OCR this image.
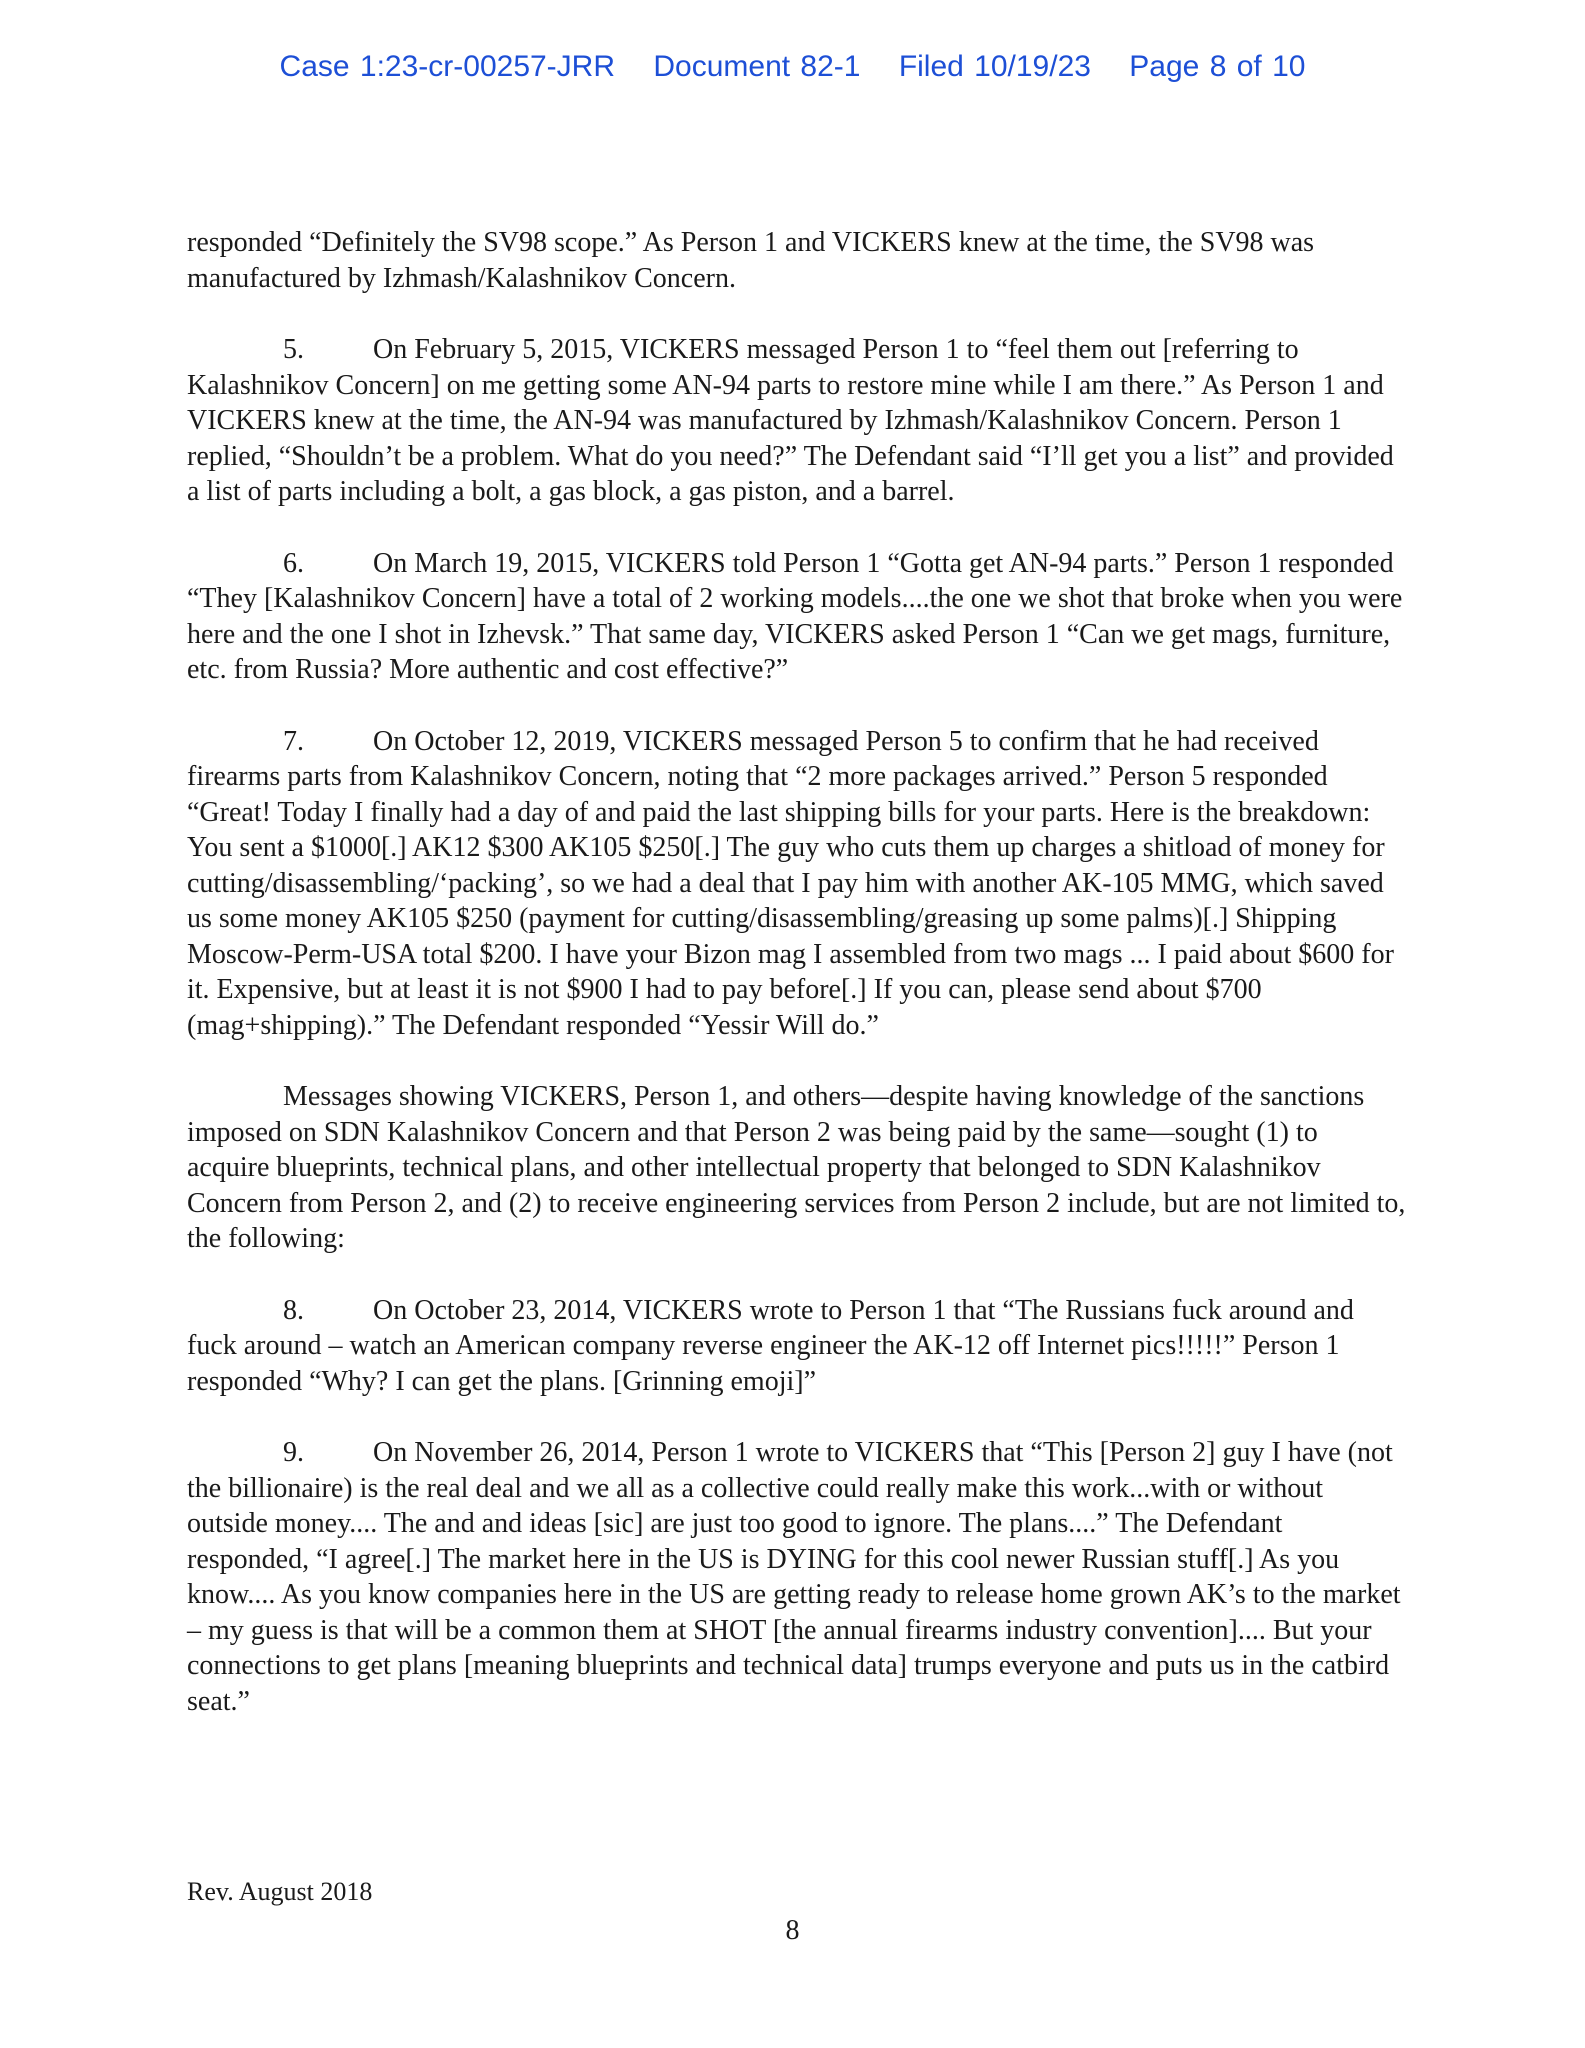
Case 1:23-cr-00257-JRR Document 82-1 Filed 10/19/23 Page 8 of 10

responded “Definitely the SV98 scope.” As Person 1 and VICKERS knew at the time, the SV98 was manufactured by Izhmash/Kalashnikov Concern.

5. On February 5, 2015, VICKERS messaged Person 1 to “feel them out [referring to Kalashnikov Concern] on me getting some AN-94 parts to restore mine while I am there.” As Person 1 and VICKERS knew at the time, the AN-94 was manufactured by Izhmash/Kalashnikov Concern. Person 1 replied, “Shouldn’t be a problem. What do you need?” The Defendant said “I’ll get you a list” and provided a list of parts including a bolt, a gas block, a gas piston, and a barrel.

6. On March 19, 2015, VICKERS told Person 1 “Gotta get AN-94 parts.” Person 1 responded “They [Kalashnikov Concern] have a total of 2 working models....the one we shot that broke when you were here and the one I shot in Izhevsk.” That same day, VICKERS asked Person 1 “Can we get mags, furniture, etc. from Russia? More authentic and cost effective?”

7. On October 12, 2019, VICKERS messaged Person 5 to confirm that he had received firearms parts from Kalashnikov Concern, noting that “2 more packages arrived.” Person 5 responded “Great! Today I finally had a day of and paid the last shipping bills for your parts. Here is the breakdown: You sent a $1000[.] AK12 $300 AK105 $250[.] The guy who cuts them up charges a shitload of money for cutting/disassembling/‘packing’, so we had a deal that I pay him with another AK-105 MMG, which saved us some money AK105 $250 (payment for cutting/disassembling/greasing up some palms)[.] Shipping Moscow-Perm-USA total $200. I have your Bizon mag I assembled from two mags ... I paid about $600 for it. Expensive, but at least it is not $900 I had to pay before[.] If you can, please send about $700 (mag+shipping).” The Defendant responded “Yessir Will do.”

Messages showing VICKERS, Person 1, and others—despite having knowledge of the sanctions imposed on SDN Kalashnikov Concern and that Person 2 was being paid by the same—sought (1) to acquire blueprints, technical plans, and other intellectual property that belonged to SDN Kalashnikov Concern from Person 2, and (2) to receive engineering services from Person 2 include, but are not limited to, the following:

8. On October 23, 2014, VICKERS wrote to Person 1 that “The Russians fuck around and fuck around – watch an American company reverse engineer the AK-12 off Internet pics!!!!!” Person 1 responded “Why? I can get the plans. [Grinning emoji]”

9. On November 26, 2014, Person 1 wrote to VICKERS that “This [Person 2] guy I have (not the billionaire) is the real deal and we all as a collective could really make this work...with or without outside money.... The and and ideas [sic] are just too good to ignore. The plans....” The Defendant responded, “I agree[.] The market here in the US is DYING for this cool newer Russian stuff[.] As you know.... As you know companies here in the US are getting ready to release home grown AK’s to the market – my guess is that will be a common them at SHOT [the annual firearms industry convention].... But your connections to get plans [meaning blueprints and technical data] trumps everyone and puts us in the catbird seat.”

Rev. August 2018
8
